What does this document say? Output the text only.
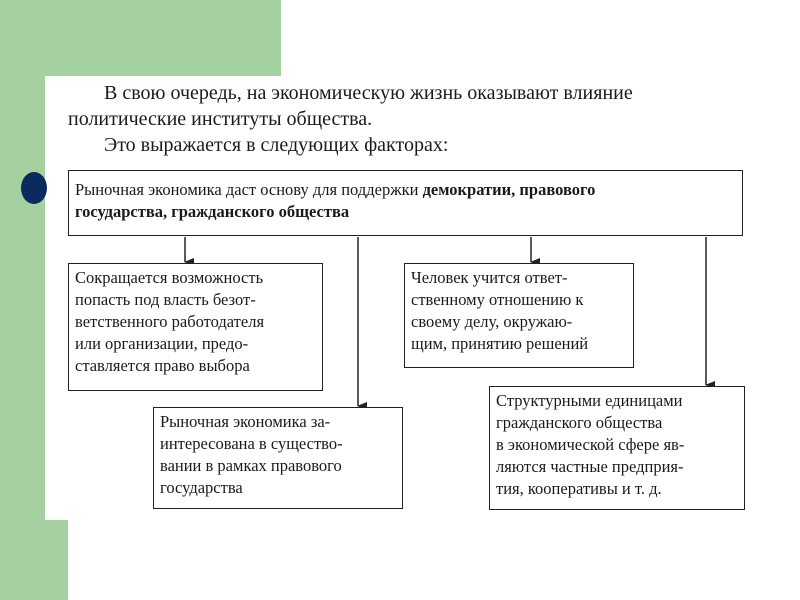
В свою очередь, на экономическую жизнь оказывают влияние

политические институты общества.

Это выражается в следующих факторах:

Рыночная экономика даст основу для поддержки демократии, правового
государства, гражданского общества
Сокращается возможность
попасть под власть безот-
ветственного работодателя
или организации, предо-
ставляется право выбора
Человек учится ответ-
ственному отношению к
своему делу, окружаю-
щим, принятию решений
Рыночная экономика за-
интересована в существо-
вании в рамках правового
государства
Структурными единицами
гражданского общества
в экономической сфере яв-
ляются частные предприя-
тия, кооперативы и т. д.
